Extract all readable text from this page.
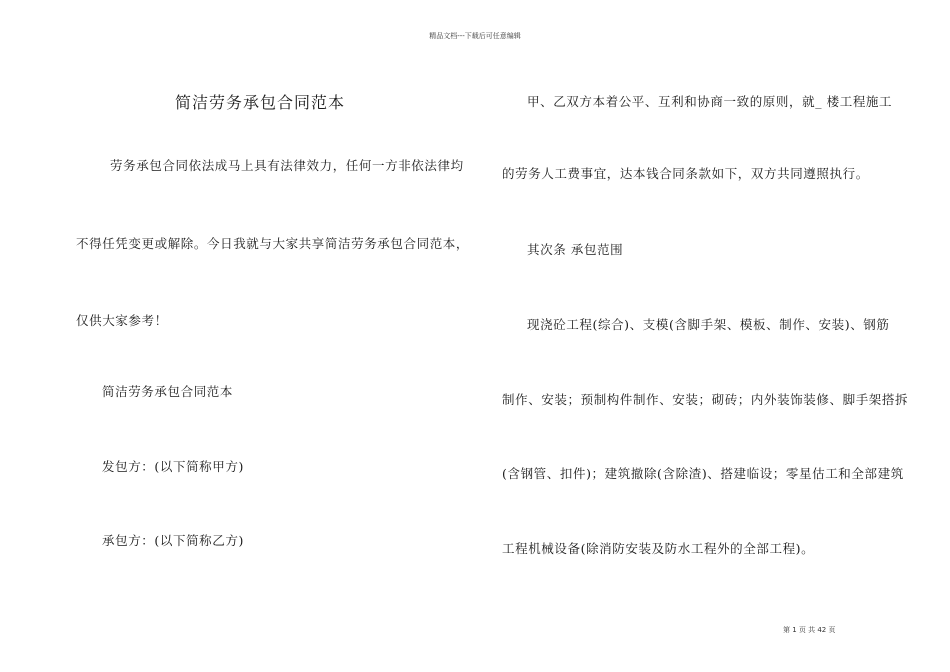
精品文档---下载后可任意编辑
简洁劳务承包合同范本
劳务承包合同依法成马上具有法律效力，任何一方非依法律均
不得任凭变更或解除。今日我就与大家共享简洁劳务承包合同范本，
仅供大家参考！
简洁劳务承包合同范本
发包方：(以下简称甲方)
承包方：(以下简称乙方)
甲、乙双方本着公平、互利和协商一致的原则，就_ 楼工程施工
的劳务人工费事宜，达本钱合同条款如下，双方共同遵照执行。
其次条 承包范围
现浇砼工程(综合)、支模(含脚手架、模板、制作、安装)、钢筋
制作、安装；预制构件制作、安装；砌砖；内外装饰装修、脚手架搭拆
(含钢管、扣件)；建筑撤除(含除渣)、搭建临设；零星估工和全部建筑
工程机械设备(除消防安装及防水工程外的全部工程)。
第 1 页 共 42 页
